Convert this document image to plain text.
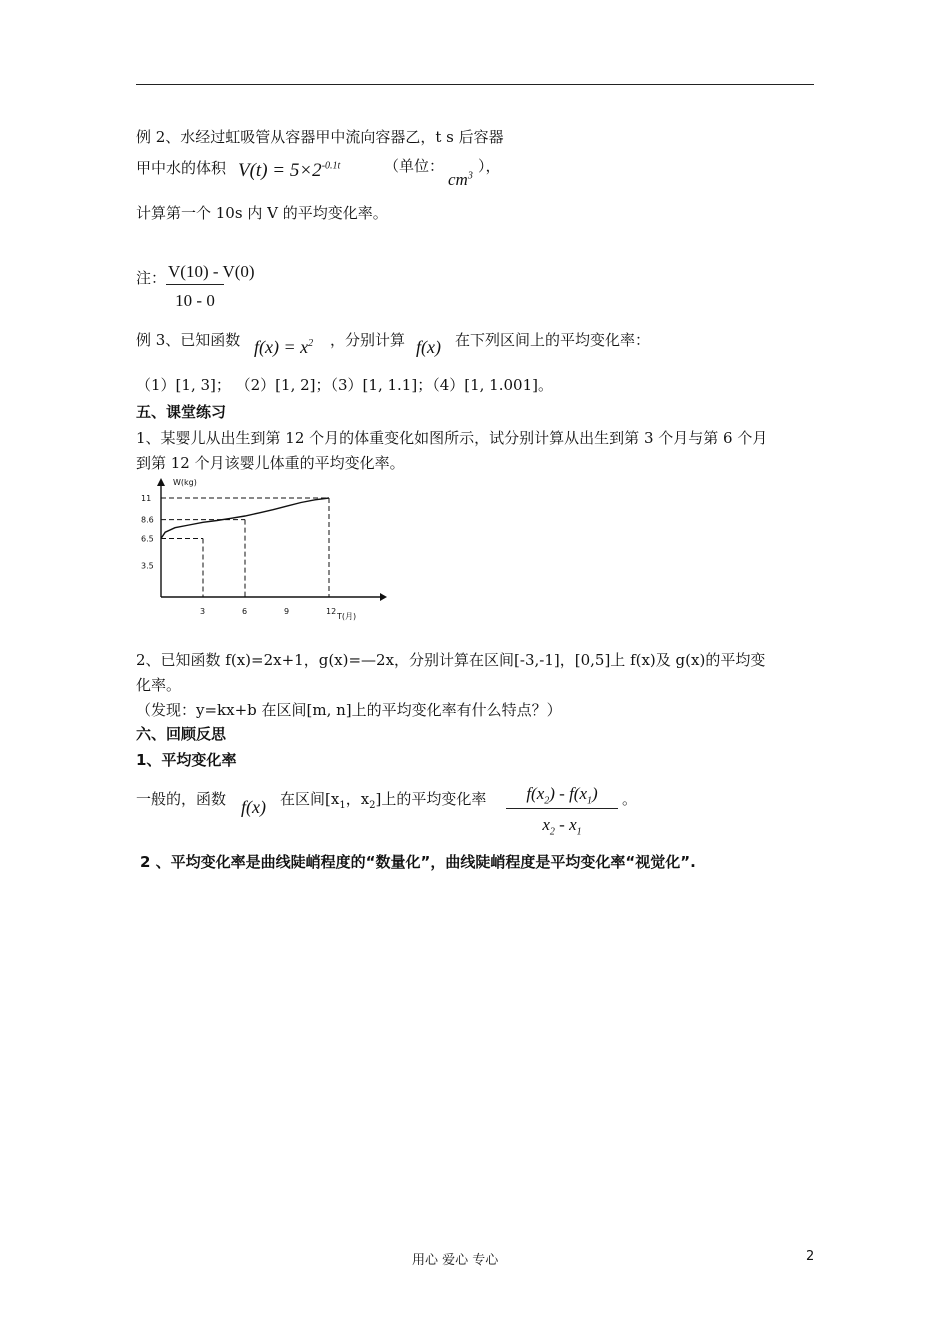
例 2、水经过虹吸管从容器甲中流向容器乙，t s 后容器
甲中水的体积 $V(t) = 5\times 2^{-0.1t}$	（单位：
$cm^3$
），
计算第一个 10s 内 V 的平均变化率。
注： $\frac{V(10) - V(0)}{10 - 0}$
例 3、已知函数 $f(x) = x^2$ ，分别计算 f(x) 在下列区间上的平均变化率：
（1）[1, 3]； （2）[1, 2]；（3）[1, 1.1]；（4）[1, 1.001]。
五、课堂练习
1、某婴儿从出生到第 12 个月的体重变化如图所示，试分别计算从出生到第 3 个月与第 6 个月
到第 12 个月该婴儿体重的平均变化率。
11
8.6
6.5
3.5
3	6	9	12
W(kg)
T(月)
2、已知函数 f(x)=2x+1，g(x)=—2x，分别计算在区间[-3,-1]，[0,5]上 f(x)及 g(x)的平均变
化率。
（发现：y=kx+b 在区间[m, n]上的平均变化率有什么特点？）
六、回顾反思
1、平均变化率
一般的，函数 f(x) 在区间[$x_1$，$x_2$]上的平均变化率 $\frac{f(x_2) - f(x_1)}{x_2 - x_1}$ 。
2 、平均变化率是曲线陡峭程度的“数量化”，曲线陡峭程度是平均变化率“视觉化”.
用心 爱心 专心	2
